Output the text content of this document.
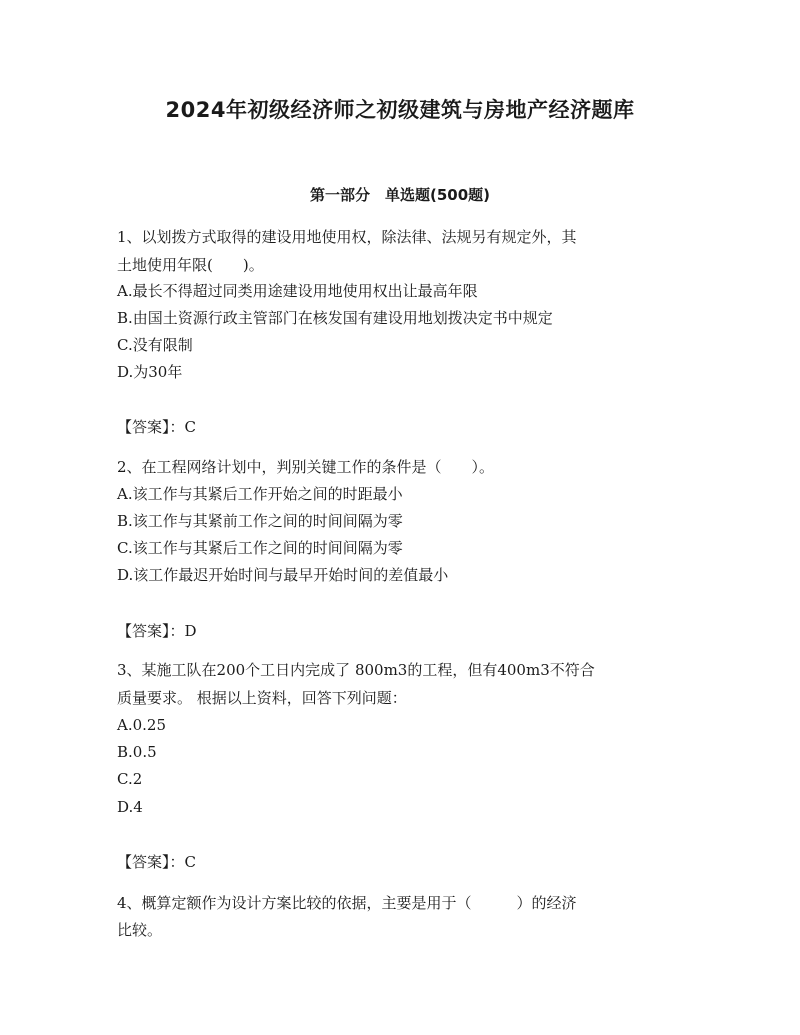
2024年初级经济师之初级建筑与房地产经济题库
第一部分　单选题(500题)
1、以划拨方式取得的建设用地使用权，除法律、法规另有规定外，其
土地使用年限(　　)。
A.最长不得超过同类用途建设用地使用权出让最高年限
B.由国土资源行政主管部门在核发国有建设用地划拨决定书中规定
C.没有限制
D.为30年
【答案】：C
2、在工程网络计划中，判别关键工作的条件是（　　）。
A.该工作与其紧后工作开始之间的时距最小
B.该工作与其紧前工作之间的时间间隔为零
C.该工作与其紧后工作之间的时间间隔为零
D.该工作最迟开始时间与最早开始时间的差值最小
【答案】：D
3、某施工队在200个工日内完成了 800m3的工程，但有400m3不符合
质量要求。 根据以上资料，回答下列问题：
A.0.25
B.0.5
C.2
D.4
【答案】：C
4、概算定额作为设计方案比较的依据，主要是用于（　　　）的经济
比较。
